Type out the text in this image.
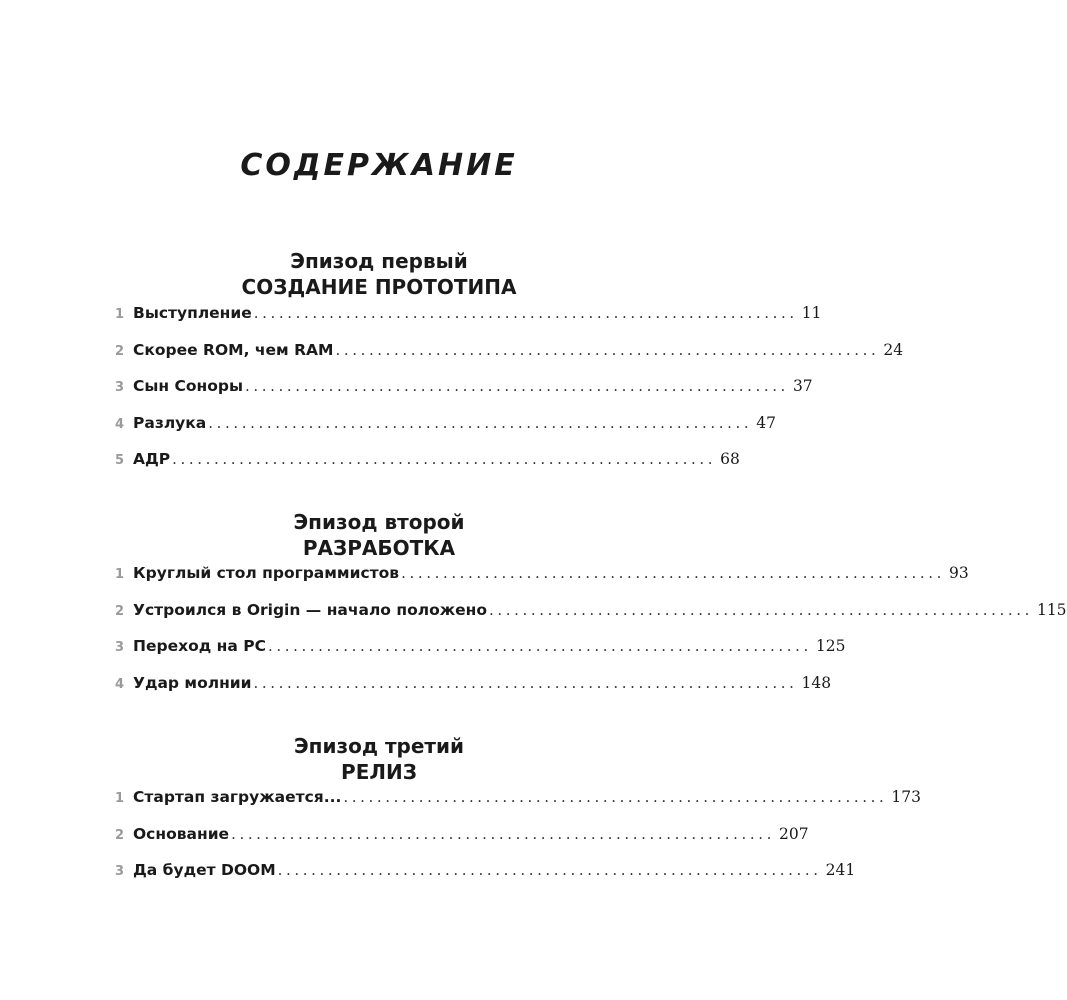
СОДЕРЖАНИЕ
Эпизод первый
СОЗДАНИЕ ПРОТОТИПА
1 Выступление ................................................................. 11
2 Скорее ROM, чем RAM ................................................................. 24
3 Сын Соноры ................................................................. 37
4 Разлука ................................................................. 47
5 АДР ................................................................. 68
Эпизод второй
РАЗРАБОТКА
1 Круглый стол программистов ................................................................. 93
2 Устроился в Origin — начало положено ................................................................. 115
3 Переход на PC ................................................................. 125
4 Удар молнии ................................................................. 148
Эпизод третий
РЕЛИЗ
1 Стартап загружается... ................................................................. 173
2 Основание ................................................................. 207
3 Да будет DOOM ................................................................. 241
